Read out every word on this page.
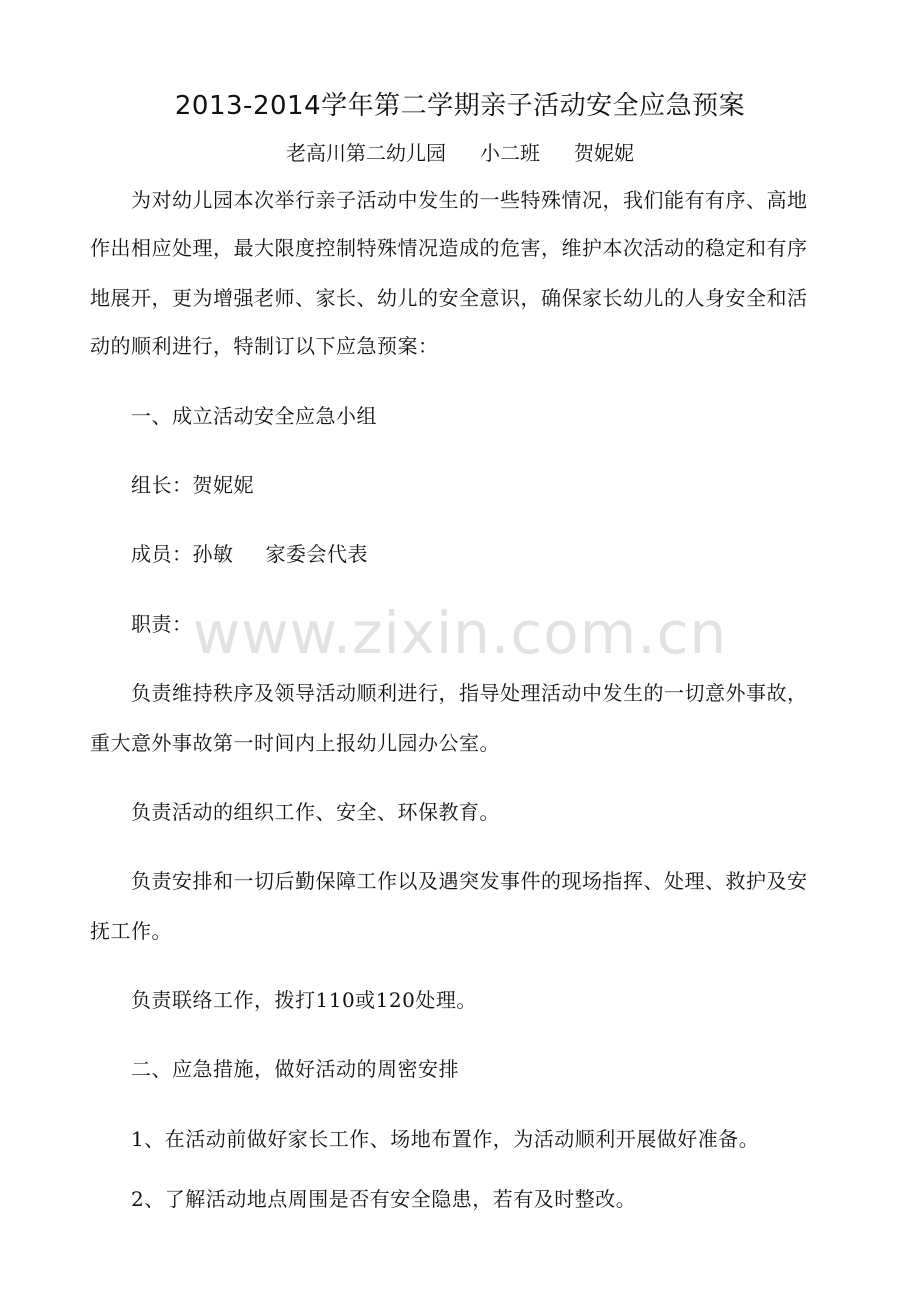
2013-2014学年第二学期亲子活动安全应急预案
老高川第二幼儿园 小二班 贺妮妮
为对幼儿园本次举行亲子活动中发生的一些特殊情况，我们能有有序、高地
作出相应处理，最大限度控制特殊情况造成的危害，维护本次活动的稳定和有序
地展开，更为增强老师、家长、幼儿的安全意识，确保家长幼儿的人身安全和活
动的顺利进行，特制订以下应急预案：
一、成立活动安全应急小组
组长：贺妮妮
成员：孙敏 家委会代表
职责：
负责维持秩序及领导活动顺利进行，指导处理活动中发生的一切意外事故，
重大意外事故第一时间内上报幼儿园办公室。
负责活动的组织工作、安全、环保教育。
负责安排和一切后勤保障工作以及遇突发事件的现场指挥、处理、救护及安
抚工作。
负责联络工作，拨打110或120处理。
二、应急措施，做好活动的周密安排
1、在活动前做好家长工作、场地布置作，为活动顺利开展做好准备。
2、了解活动地点周围是否有安全隐患，若有及时整改。
www.zixin.com.cn
